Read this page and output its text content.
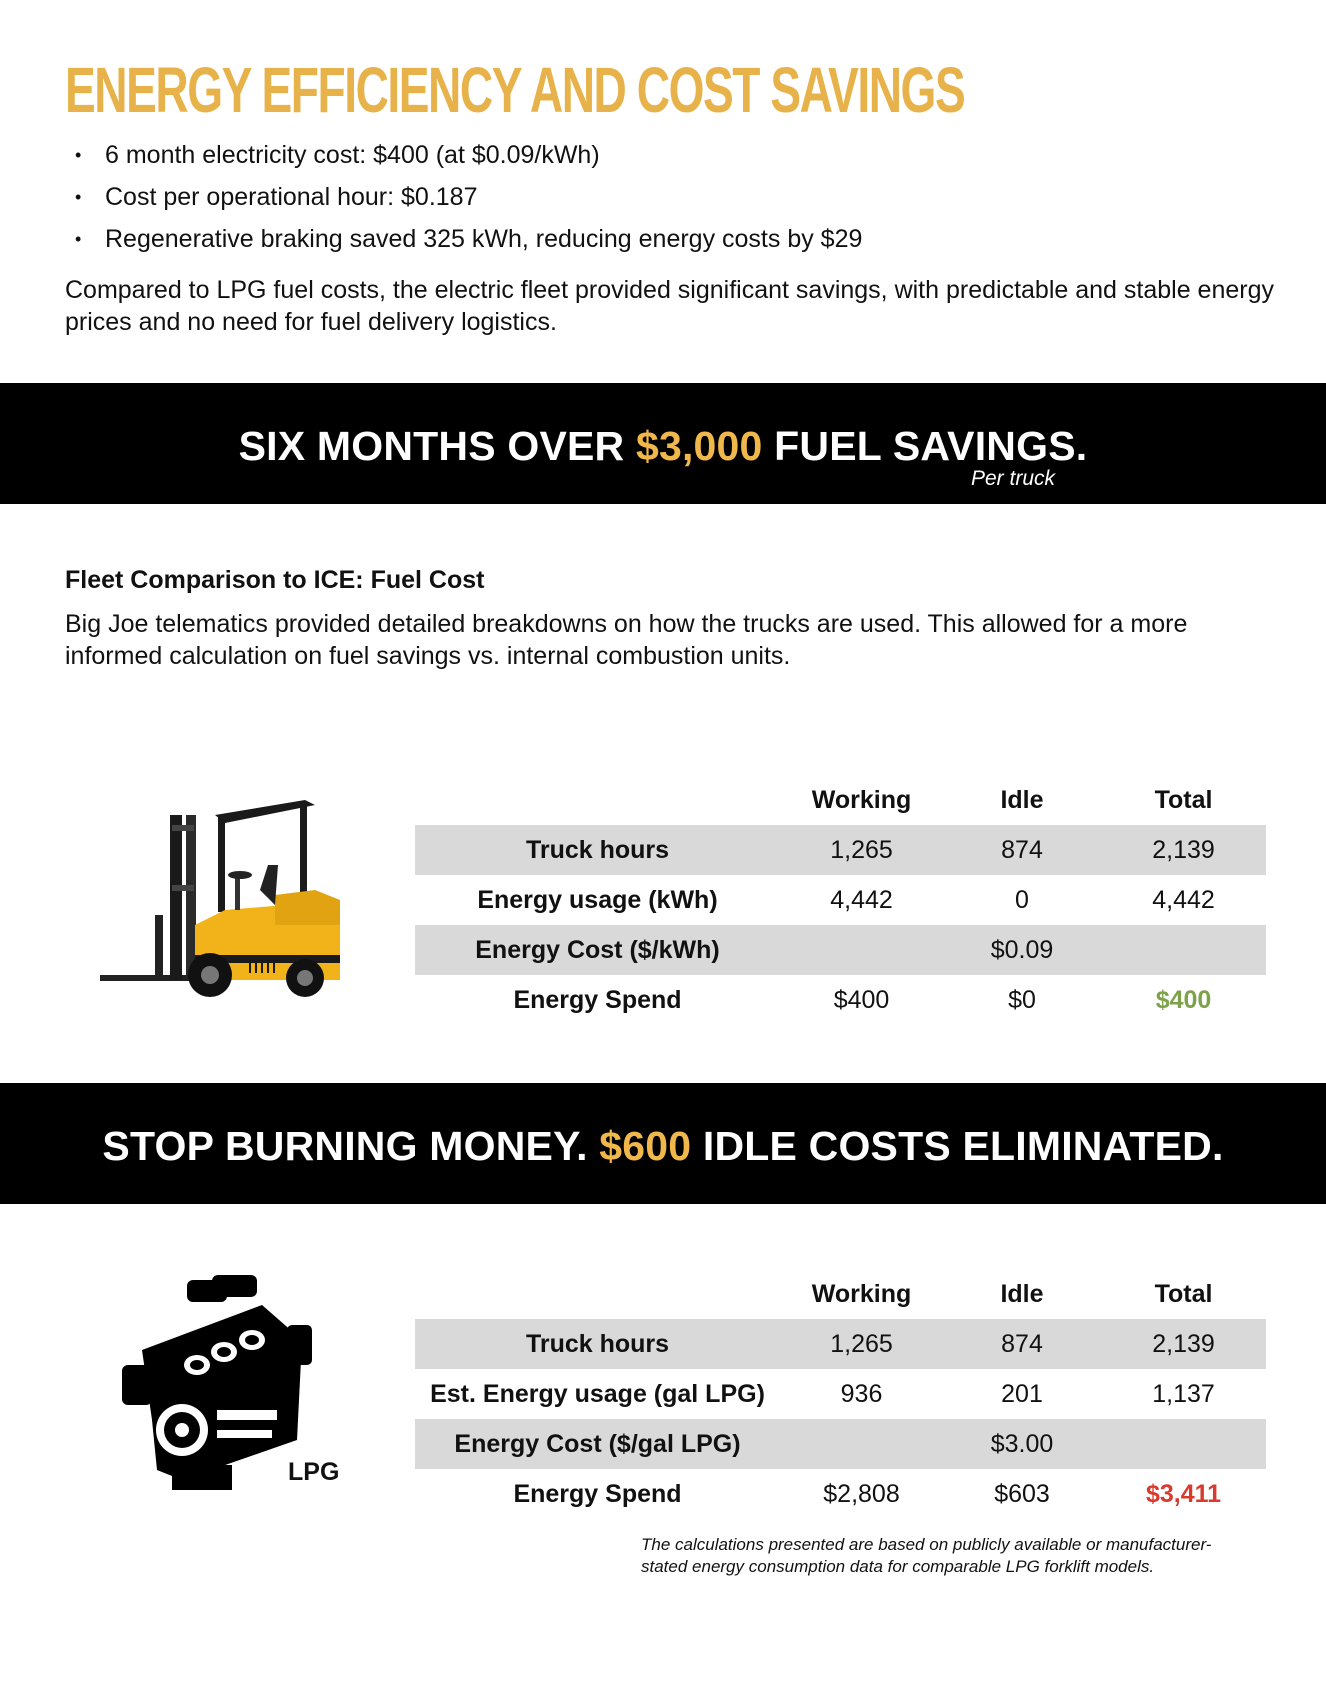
ENERGY EFFICIENCY AND COST SAVINGS
• 6 month electricity cost: $400 (at $0.09/kWh)
• Cost per operational hour: $0.187
• Regenerative braking saved 325 kWh, reducing energy costs by $29

Compared to LPG fuel costs, the electric fleet provided significant savings, with predictable and stable energy prices and no need for fuel delivery logistics.

SIX MONTHS OVER $3,000 FUEL SAVINGS.
Per truck
Fleet Comparison to ICE: Fuel Cost

Big Joe telematics provided detailed breakdowns on how the trucks are used. This allowed for a more informed calculation on fuel savings vs. internal combustion units.

	Working	Idle	Total
Truck hours	1,265	874	2,139
Energy usage (kWh)	4,442	0	4,442
Energy Cost ($/kWh)		$0.09	
Energy Spend	$400	$0	$400
STOP BURNING MONEY. $600 IDLE COSTS ELIMINATED.
LPG
	Working	Idle	Total
Truck hours	1,265	874	2,139
Est. Energy usage (gal LPG)	936	201	1,137
Energy Cost ($/gal LPG)		$3.00	
Energy Spend	$2,808	$603	$3,411

The calculations presented are based on publicly available or manufacturer-stated energy consumption data for comparable LPG forklift models.
